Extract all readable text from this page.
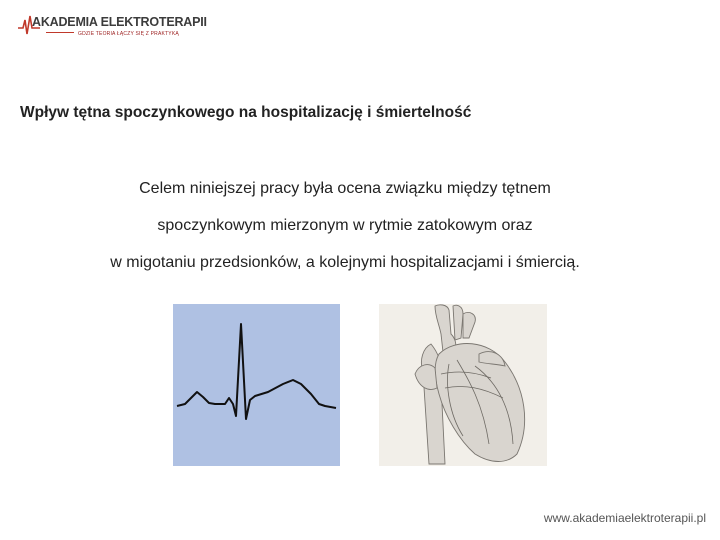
AKADEMIA ELEKTROTERAPII
GDZIE TEORIA ŁĄCZY SIĘ Z PRAKTYKĄ
Wpływ tętna spoczynkowego na hospitalizację i śmiertelność
Celem niniejszej pracy była ocena związku między tętnem
spoczynkowym mierzonym w rytmie zatokowym oraz
w migotaniu przedsionków, a kolejnymi hospitalizacjami i śmiercią.
www.akademiaelektroterapii.pl
